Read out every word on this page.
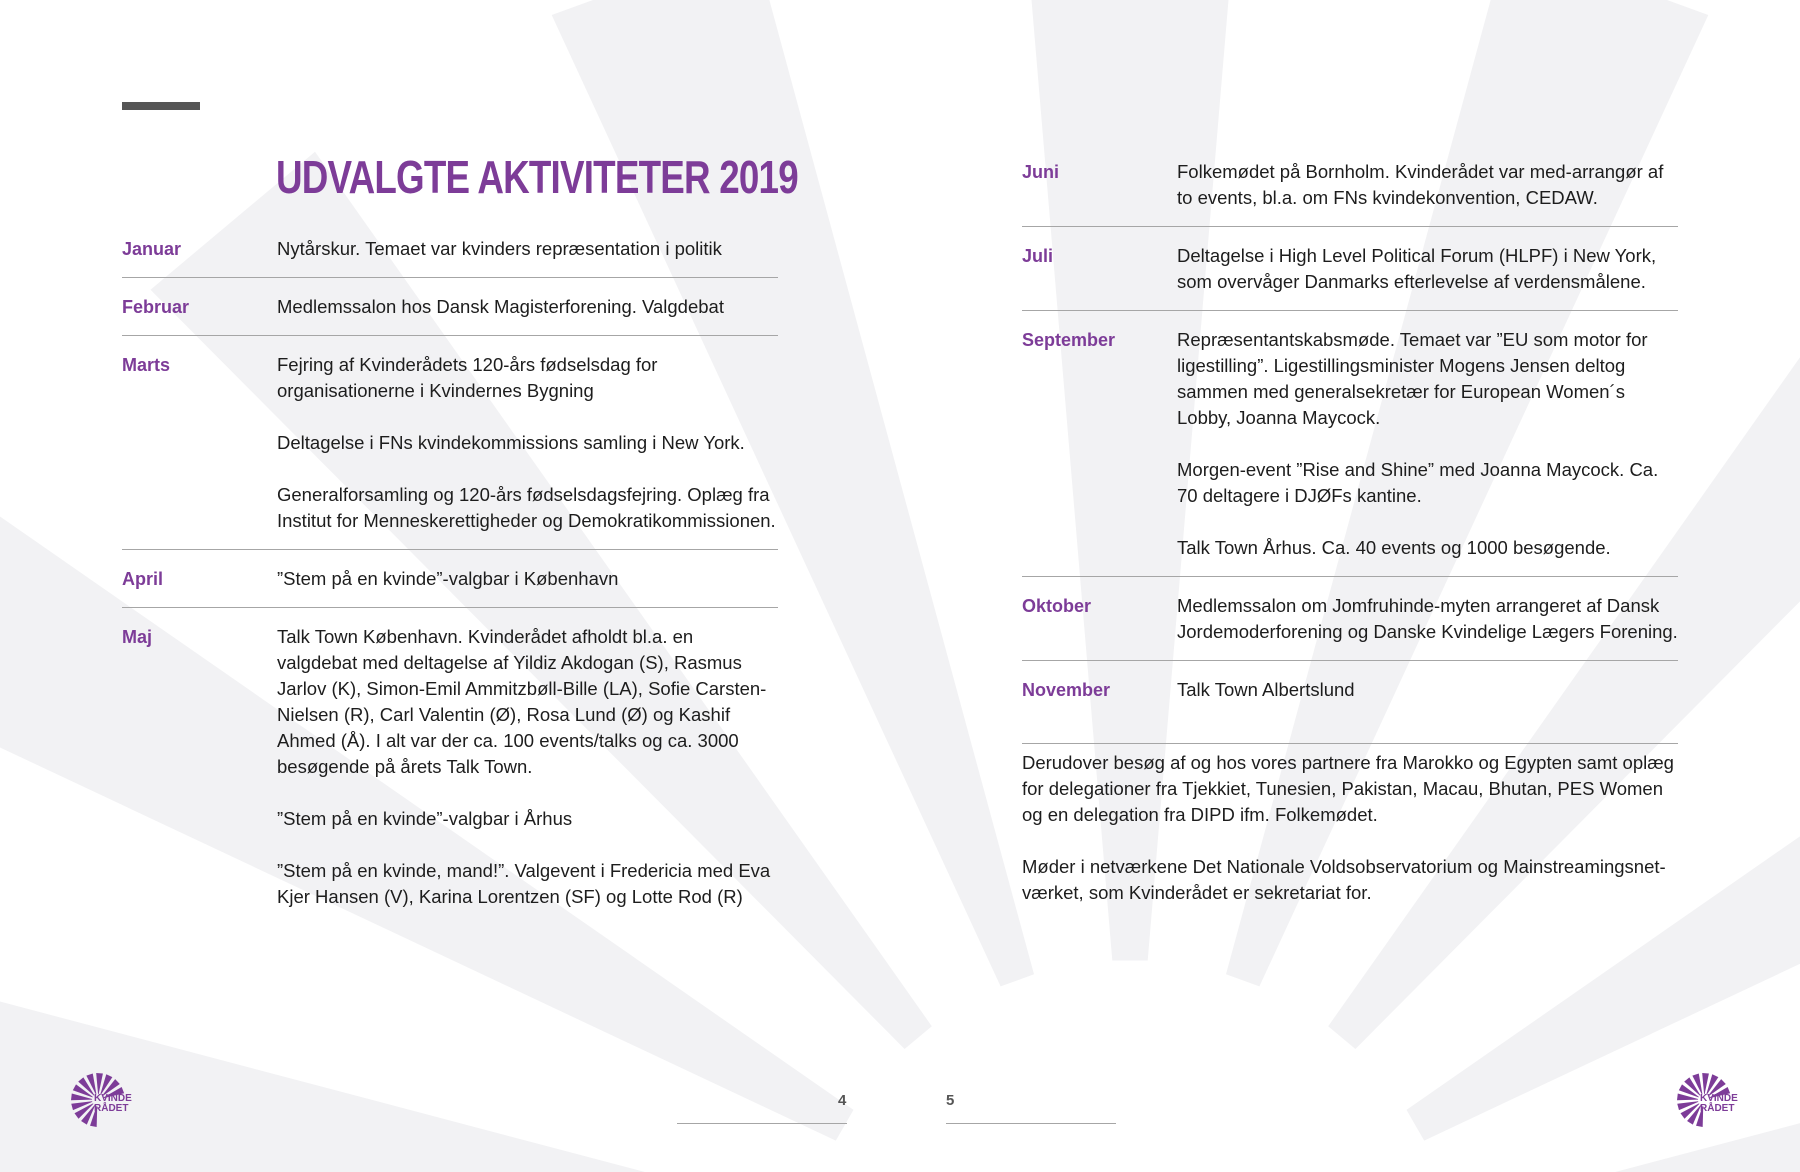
UDVALGTE AKTIVITETER 2019
Januar	Nytårskur. Temaet var kvinders repræsentation i politik

Februar	Medlemssalon hos Dansk Magisterforening. Valgdebat

Marts	Fejring af Kvinderådets 120-års fødselsdag for organisationerne i Kvindernes Bygning

Deltagelse i FNs kvindekommissions samling i New York.

Generalforsamling og 120-års fødselsdagsfejring. Oplæg fra Institut for Menneskerettigheder og Demokratikommissionen.

April	”Stem på en kvinde”-valgbar i København

Maj	Talk Town København. Kvinderådet afholdt bl.a. en valgdebat med deltagelse af Yildiz Akdogan (S), Rasmus Jarlov (K), Simon-Emil Ammitzbøll-Bille (LA), Sofie Carsten-Nielsen (R), Carl Valentin (Ø), Rosa Lund (Ø) og Kashif Ahmed (Å). I alt var der ca. 100 events/talks og ca. 3000 besøgende på årets Talk Town.

”Stem på en kvinde”-valgbar i Århus

”Stem på en kvinde, mand!”. Valgevent i Fredericia med Eva Kjer Hansen (V), Karina Lorentzen (SF) og Lotte Rod (R)

Juni	Folkemødet på Bornholm. Kvinderådet var med-arrangør af to events, bl.a. om FNs kvindekonvention, CEDAW.

Juli	Deltagelse i High Level Political Forum (HLPF) i New York, som overvåger Danmarks efterlevelse af verdensmålene.

September	Repræsentantskabsmøde. Temaet var ”EU som motor for ligestilling”. Ligestillingsminister Mogens Jensen deltog sammen med generalsekretær for European Women´s Lobby, Joanna Maycock.

Morgen-event ”Rise and Shine” med Joanna Maycock. Ca. 70 deltagere i DJØFs kantine.

Talk Town Århus. Ca. 40 events og 1000 besøgende.

Oktober	Medlemssalon om Jomfruhinde-myten arrangeret af Dansk Jordemoderforening og Danske Kvindelige Lægers Forening.

November	Talk Town Albertslund

Derudover besøg af og hos vores partnere fra Marokko og Egypten samt oplæg for delegationer fra Tjekkiet, Tunesien, Pakistan, Macau, Bhutan, PES Women og en delegation fra DIPD ifm. Folkemødet.

Møder i netværkene Det Nationale Voldsobservatorium og Mainstreamingsnet-værket, som Kvinderådet er sekretariat for.

4	5
KVINDE
RÅDET
KVINDE
RÅDET
